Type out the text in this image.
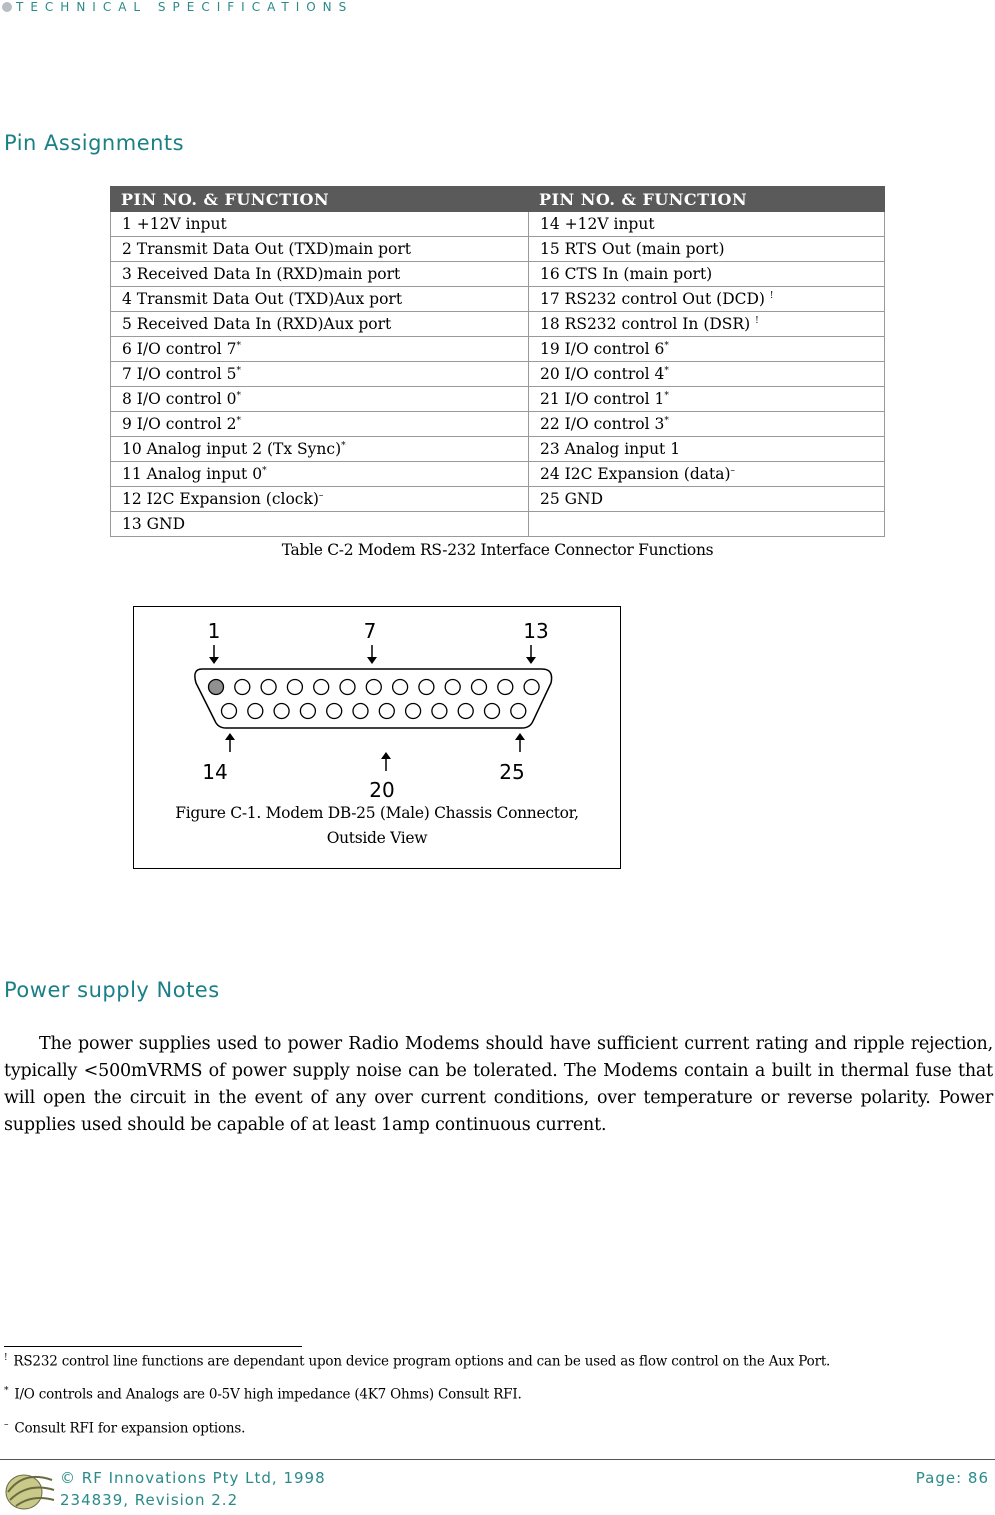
TECHNICAL SPECIFICATIONS
Pin Assignments
PIN NO. & FUNCTION	PIN NO. & FUNCTION
1 +12V input	14 +12V input
2 Transmit Data Out (TXD)main port	15 RTS Out (main port)
3 Received Data In (RXD)main port	16 CTS In (main port)
4 Transmit Data Out (TXD)Aux port	17 RS232 control Out (DCD) !
5 Received Data In (RXD)Aux port	18 RS232 control In (DSR) !
6 I/O control 7*	19 I/O control 6*
7 I/O control 5*	20 I/O control 4*
8 I/O control 0*	21 I/O control 1*
9 I/O control 2*	22 I/O control 3*
10 Analog input 2 (Tx Sync)*	23 Analog input 1
11 Analog input 0*	24 I2C Expansion (data)–
12 I2C Expansion (clock)–	25 GND
13 GND	
Table C-2 Modem RS-232 Interface Connector Functions
1	7	13
14
20
25
Figure C-1. Modem DB-25 (Male) Chassis Connector,
Outside View
Power supply Notes
The power supplies used to power Radio Modems should have sufficient current rating and ripple rejection, typically <500mVRMS of power supply noise can be tolerated. The Modems contain a built in thermal fuse that will open the circuit in the event of any over current conditions, over temperature or reverse polarity. Power supplies used should be capable of at least 1amp continuous current.
! RS232 control line functions are dependant upon device program options and can be used as flow control on the Aux Port.
* I/O controls and Analogs are 0-5V high impedance (4K7 Ohms) Consult RFI.
– Consult RFI for expansion options.
© RF Innovations Pty Ltd, 1998
234839, Revision 2.2
Page: 86
